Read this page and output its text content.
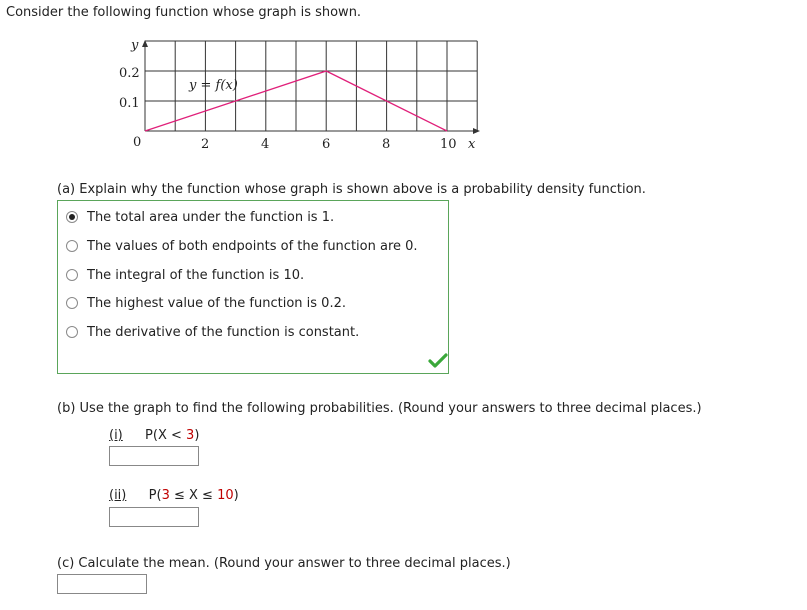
Consider the following function whose graph is shown.
y
x
0.2
0.1
0	2	4	6	8	10
y = f(x)
(a) Explain why the function whose graph is shown above is a probability density function.
The total area under the function is 1.
The values of both endpoints of the function are 0.
The integral of the function is 10.
The highest value of the function is 0.2.
The derivative of the function is constant.
(b) Use the graph to find the following probabilities. (Round your answers to three decimal places.)
(i) P(X < 3)
(ii) P(3 ≤ X ≤ 10)
(c) Calculate the mean. (Round your answer to three decimal places.)
